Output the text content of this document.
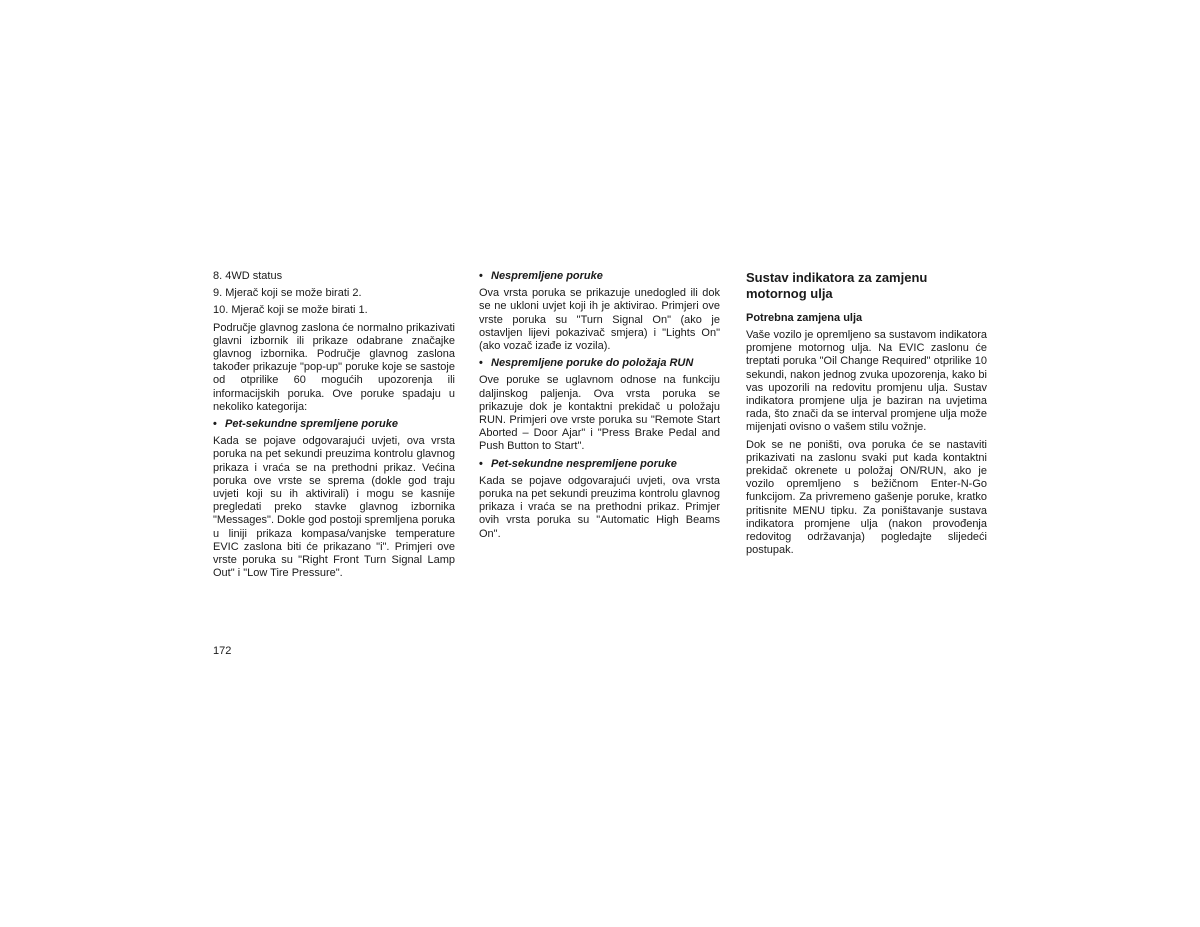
8. 4WD status

9. Mjerač koji se može birati 2.

10. Mjerač koji se može birati 1.

Područje glavnog zaslona će normalno prikazivati glavni izbornik ili prikaze odabrane značajke glavnog izbornika. Područje glavnog zaslona također prikazuje "pop-up" poruke koje se sastoje od otprilike 60 mogućih upozorenja ili informacijskih poruka. Ove poruke spadaju u nekoliko kategorija:

• Pet-sekundne spremljene poruke

Kada se pojave odgovarajući uvjeti, ova vrsta poruka na pet sekundi preuzima kontrolu glavnog prikaza i vraća se na prethodni prikaz. Većina poruka ove vrste se sprema (dokle god traju uvjeti koji su ih aktivirali) i mogu se kasnije pregledati preko stavke glavnog izbornika "Messages". Dokle god postoji spremljena poruka u liniji prikaza kompasa/vanjske temperature EVIC zaslona biti će prikazano "i". Primjeri ove vrste poruka su "Right Front Turn Signal Lamp Out" i "Low Tire Pressure".

• Nespremljene poruke

Ova vrsta poruka se prikazuje unedogled ili dok se ne ukloni uvjet koji ih je aktivirao. Primjeri ove vrste poruka su "Turn Signal On" (ako je ostavljen lijevi pokazivač smjera) i "Lights On" (ako vozač izađe iz vozila).

• Nespremljene poruke do položaja RUN

Ove poruke se uglavnom odnose na funkciju daljinskog paljenja. Ova vrsta poruka se prikazuje dok je kontaktni prekidač u položaju RUN. Primjeri ove vrste poruka su "Remote Start Aborted – Door Ajar" i "Press Brake Pedal and Push Button to Start".

• Pet-sekundne nespremljene poruke

Kada se pojave odgovarajući uvjeti, ova vrsta poruka na pet sekundi preuzima kontrolu glavnog prikaza i vraća se na prethodni prikaz. Primjer ovih vrsta poruka su "Automatic High Beams On".

Sustav indikatora za zamjenu motornog ulja
Potrebna zamjena ulja

Vaše vozilo je opremljeno sa sustavom indikatora promjene motornog ulja. Na EVIC zaslonu će treptati poruka "Oil Change Required" otprilike 10 sekundi, nakon jednog zvuka upozorenja, kako bi vas upozorili na redovitu promjenu ulja. Sustav indikatora promjene ulja je baziran na uvjetima rada, što znači da se interval promjene ulja može mijenjati ovisno o vašem stilu vožnje.

Dok se ne poništi, ova poruka će se nastaviti prikazivati na zaslonu svaki put kada kontaktni prekidač okrenete u položaj ON/RUN, ako je vozilo opremljeno s bežičnom Enter-N-Go funkcijom. Za privremeno gašenje poruke, kratko pritisnite MENU tipku. Za poništavanje sustava indikatora promjene ulja (nakon provođenja redovitog održavanja) pogledajte slijedeći postupak.

172
